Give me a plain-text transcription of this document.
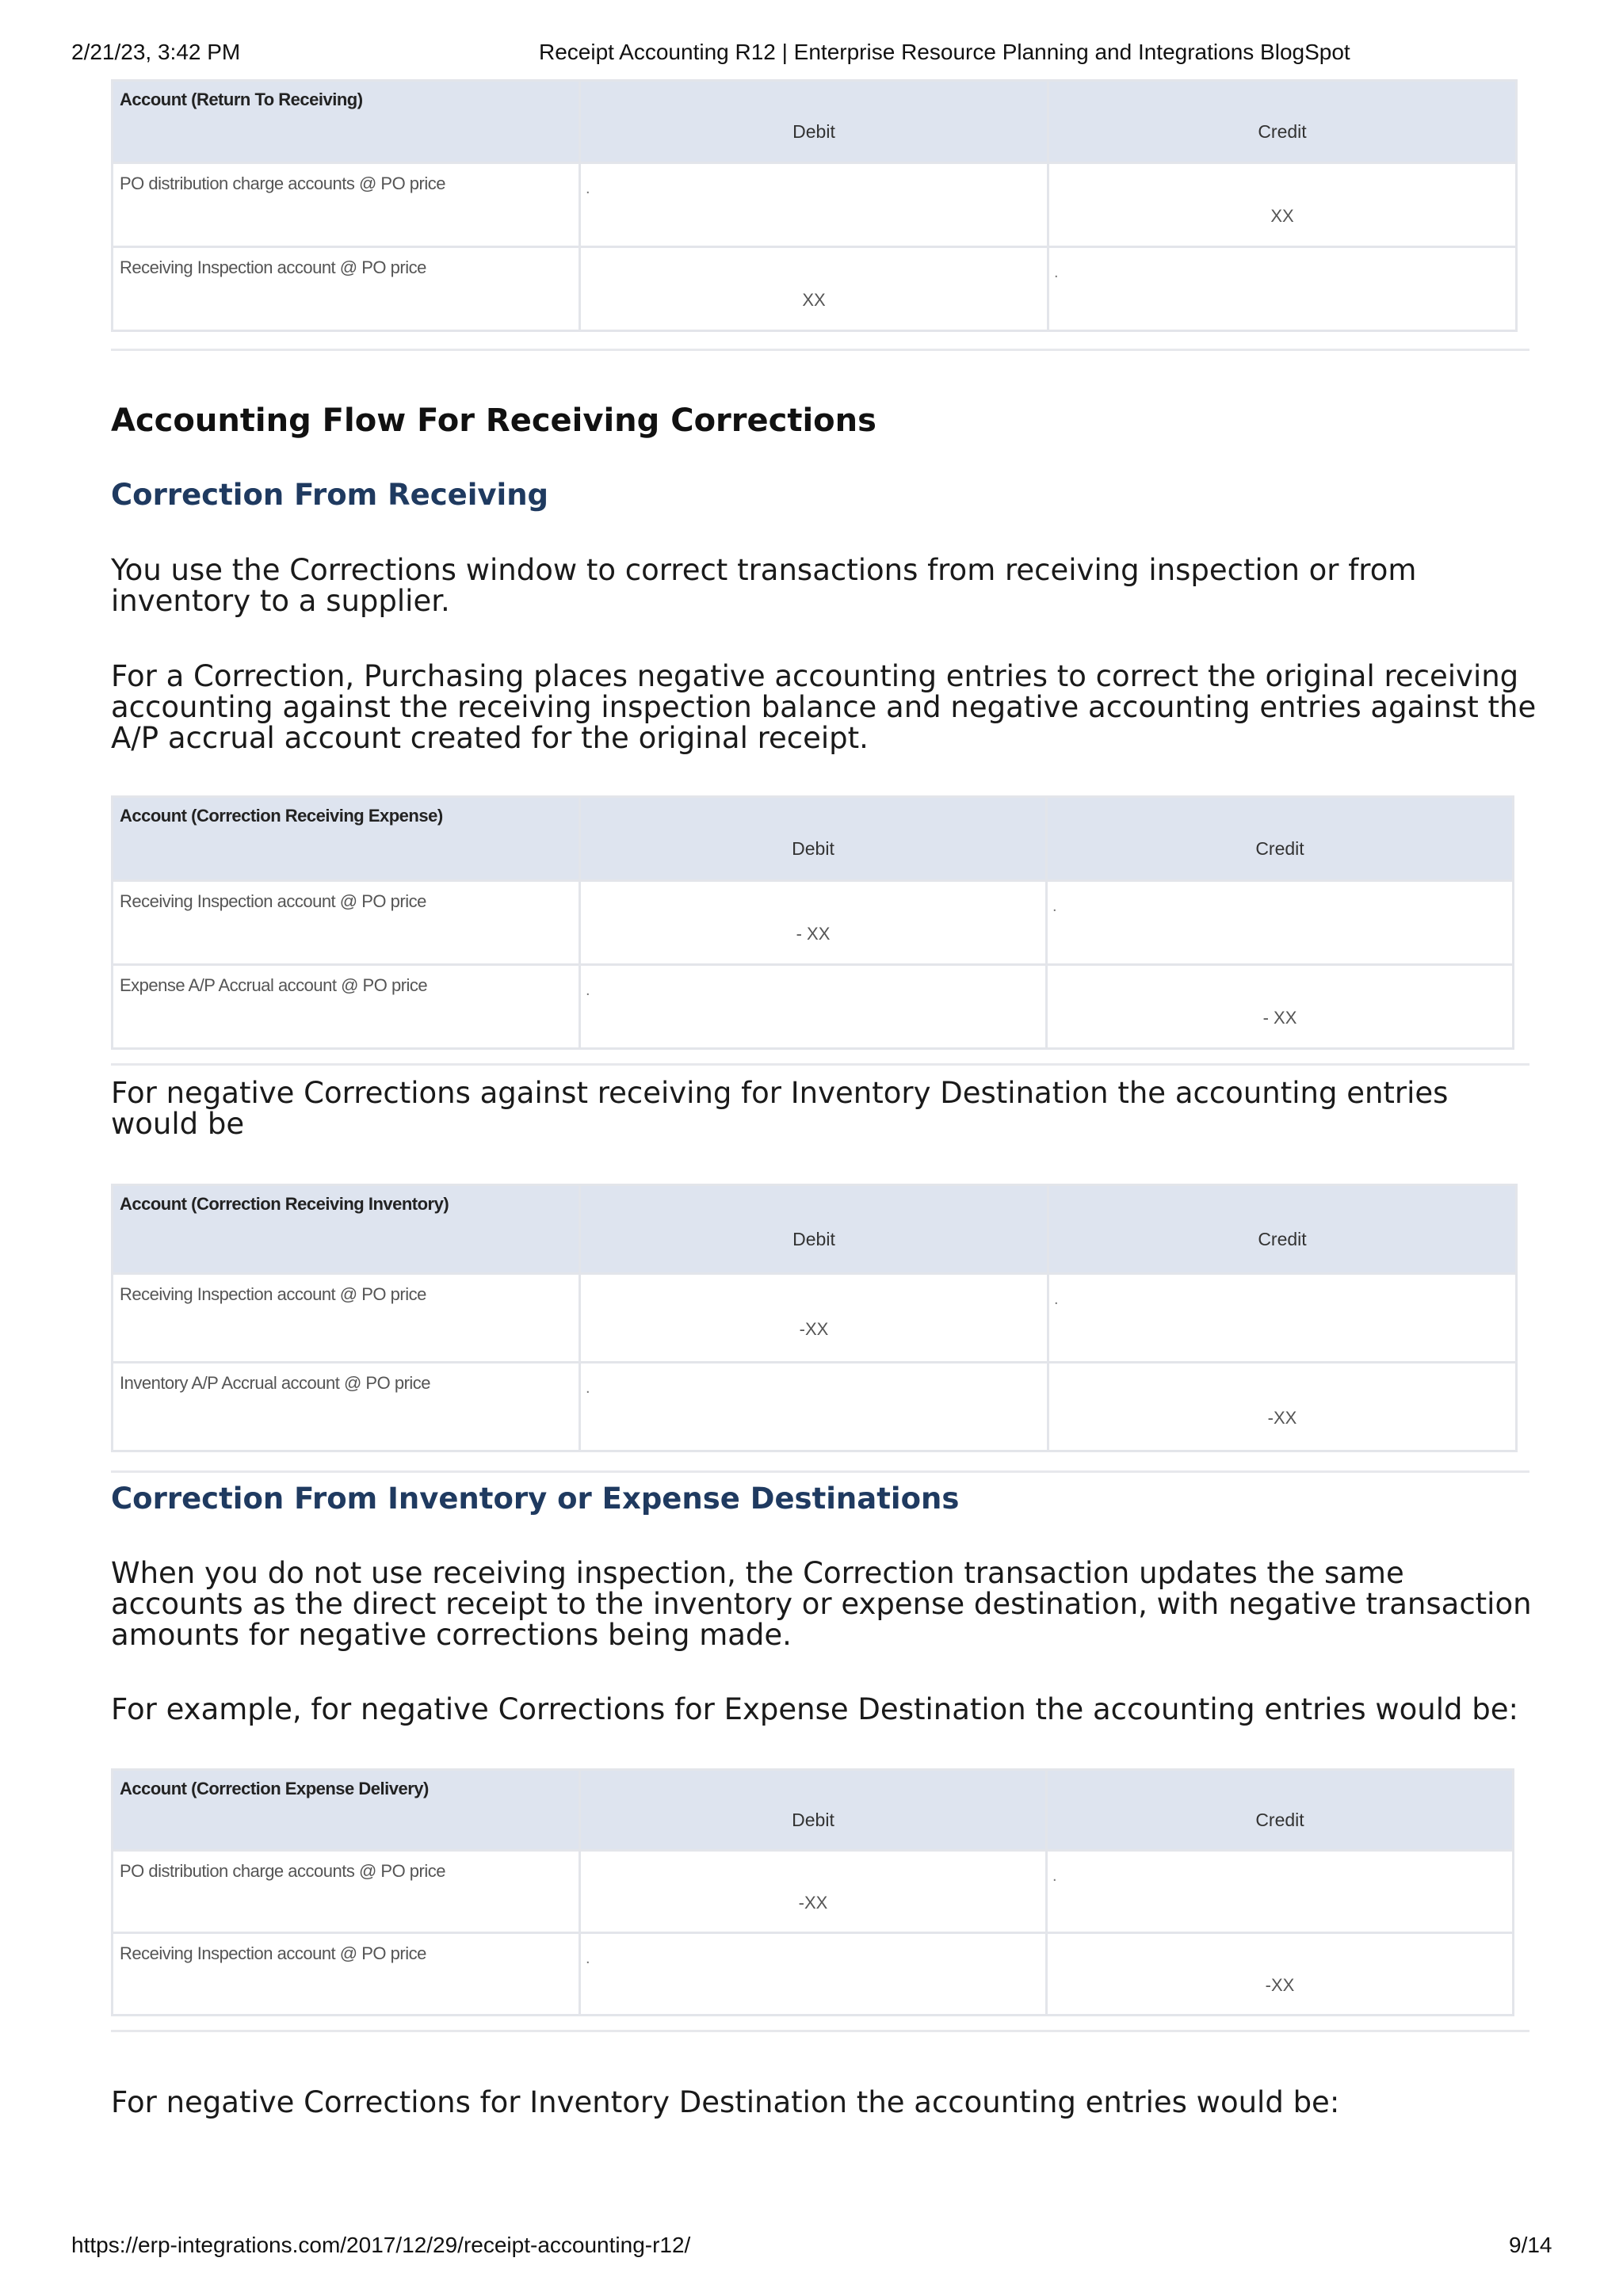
2/21/23, 3:42 PM	Receipt Accounting R12 | Enterprise Resource Planning and Integrations BlogSpot
Account (Return To Receiving)	Debit	Credit
PO distribution charge accounts @ PO price	.	XX
Receiving Inspection account @ PO price	XX	.
Accounting Flow For Receiving Corrections
Correction From Receiving

You use the Corrections window to correct transactions from receiving inspection or from inventory to a supplier.

For a Correction, Purchasing places negative accounting entries to correct the original receiving accounting against the receiving inspection balance and negative accounting entries against the A/P accrual account created for the original receipt.

Account (Correction Receiving Expense)	Debit	Credit
Receiving Inspection account @ PO price	- XX	.

Expense A/P Accrual account @ PO price	.	- XX

For negative Corrections against receiving for Inventory Destination the accounting entries would be

Account (Correction Receiving Inventory)	Debit	Credit
Receiving Inspection account @ PO price	-XX	.

Inventory A/P Accrual account @ PO price	.	-XX
Correction From Inventory or Expense Destinations

When you do not use receiving inspection, the Correction transaction updates the same accounts as the direct receipt to the inventory or expense destination, with negative transaction amounts for negative corrections being made.

For example, for negative Corrections for Expense Destination the accounting entries would be:

Account (Correction Expense Delivery)	Debit	Credit
PO distribution charge accounts @ PO price	-XX	.

Receiving Inspection account @ PO price	.	-XX

For negative Corrections for Inventory Destination the accounting entries would be:

https://erp-integrations.com/2017/12/29/receipt-accounting-r12/	9/14
